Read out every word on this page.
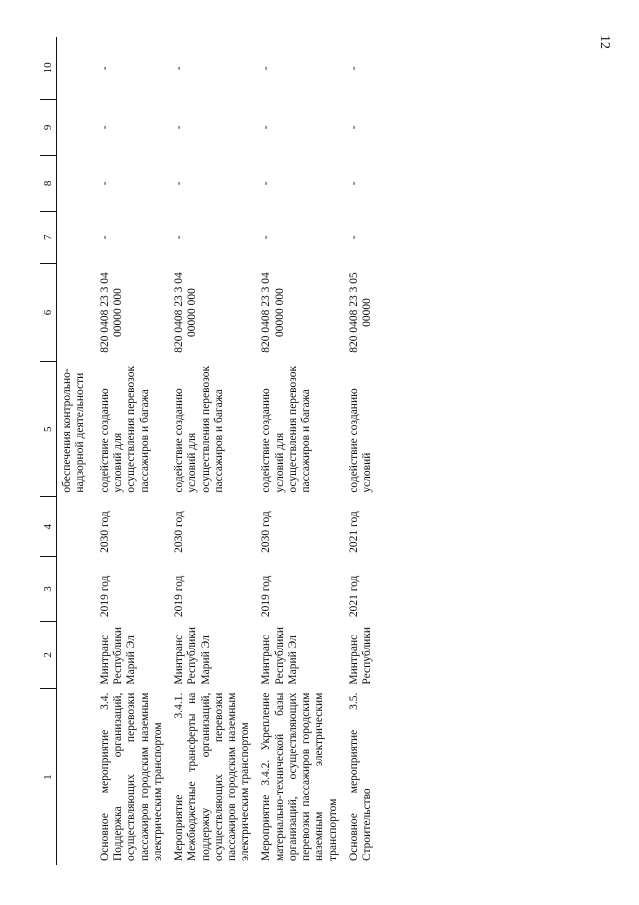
12
1	2	3	4	5	6	7	8	9	10
				обеспечения контрольно-надзорной деятельности					
Основное мероприятие 3.4. Поддержка организаций, осуществляющих перевозки пассажиров городским наземным электрическим транспортом	Минтранс Республики Марий Эл	2019 год	2030 год	содействие созданию условий для осуществления перевозок пассажиров и багажа	820 0408 23 3 04 00000 000	-	-	-	-
Мероприятие 3.4.1. Межбюджетные трансферты на поддержку организаций, осуществляющих перевозки пассажиров городским наземным электрическим транспортом	Минтранс Республики Марий Эл	2019 год	2030 год	содействие созданию условий для осуществления перевозок пассажиров и багажа	820 0408 23 3 04 00000 000	-	-	-	-
Мероприятие 3.4.2. Укрепление материально-технической базы организаций, осуществляющих перевозки пассажиров городским наземным электрическим транспортом	Минтранс Республики Марий Эл	2019 год	2030 год	содействие созданию условий для осуществления перевозок пассажиров и багажа	820 0408 23 3 04 00000 000	-	-	-	-
Основное мероприятие 3.5. Строительство	Минтранс Республики	2021 год	2021 год	содействие созданию условий	820 0408 23 3 05 00000	-	-	-	-
